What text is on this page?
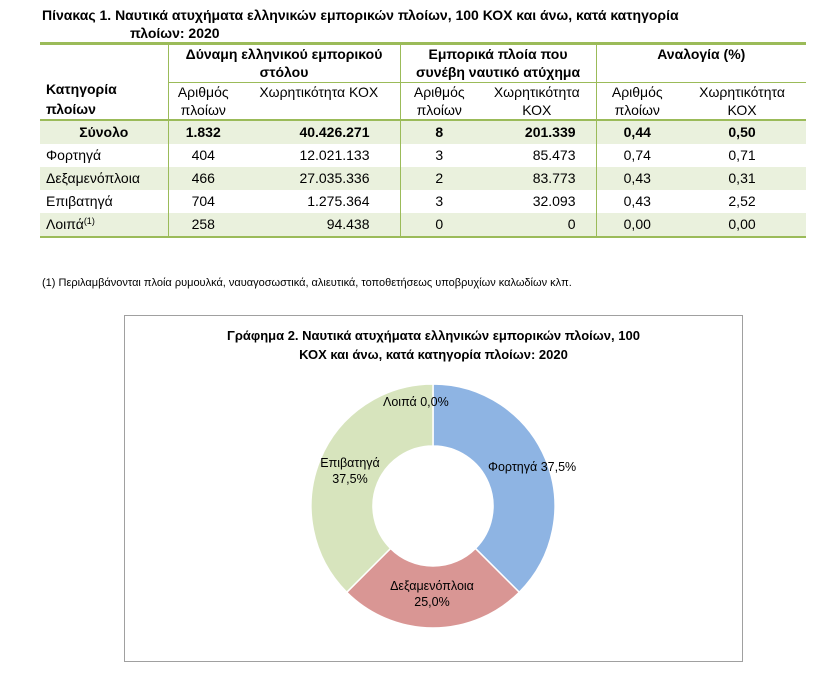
Πίνακας 1. Ναυτικά ατυχήματα ελληνικών εμπορικών πλοίων, 100 ΚΟΧ και άνω, κατά κατηγορία
πλοίων: 2020
Κατηγορία πλοίων	Δύναμη ελληνικού εμπορικού στόλου		Εμπορικά πλοία που συνέβη ναυτικό ατύχημα		Αναλογία (%)	

	Αριθμός πλοίων	Χωρητικότητα ΚΟΧ	Αριθμός πλοίων	Χωρητικότητα ΚΟΧ	Αριθμός πλοίων	Χωρητικότητα ΚΟΧ
Σύνολο	1.832	40.426.271	8	201.339	0,44	0,50
Φορτηγά	404	12.021.133	3	85.473	0,74	0,71
Δεξαμενόπλοια	466	27.035.336	2	83.773	0,43	0,31
Επιβατηγά	704	1.275.364	3	32.093	0,43	2,52
Λοιπά$^{(1)}$	258	94.438	0	0	0,00	0,00
(1) Περιλαμβάνονται πλοία ρυμουλκά, ναυαγοσωστικά, αλιευτικά, τοποθετήσεως υποβρυχίων καλωδίων κλπ.
Γράφημα 2. Ναυτικά ατυχήματα ελληνικών εμπορικών πλοίων, 100
ΚΟΧ και άνω, κατά κατηγορία πλοίων: 2020
Λοιπά 0,0%
Φορτηγά 37,5%
Επιβατηγά
37,5%
Δεξαμενόπλοια
25,0%
